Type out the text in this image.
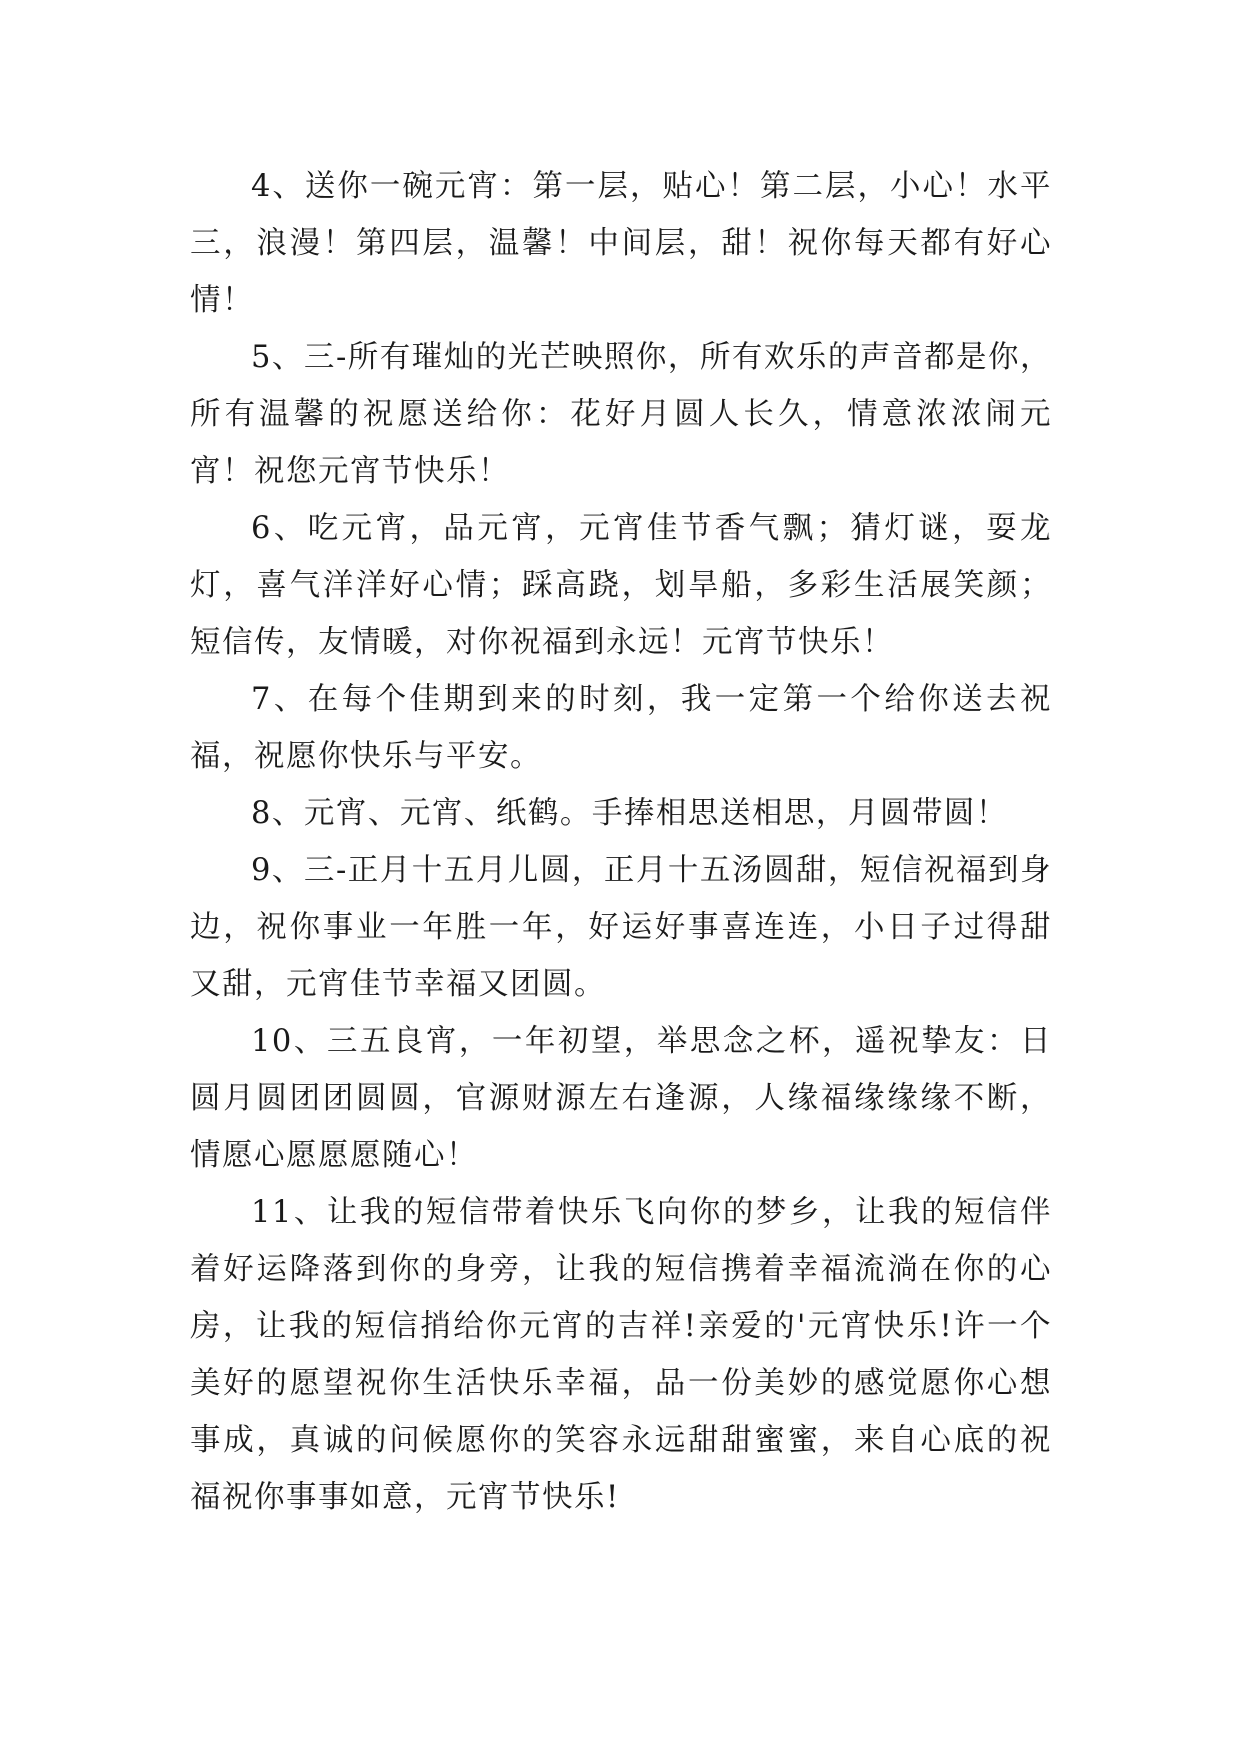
4、送你一碗元宵：第一层，贴心！第二层，小心！水平三，浪漫！第四层，温馨！中间层，甜！祝你每天都有好心情！

5、三-所有璀灿的光芒映照你，所有欢乐的声音都是你，所有温馨的祝愿送给你：花好月圆人长久，情意浓浓闹元宵！祝您元宵节快乐！

6、吃元宵，品元宵，元宵佳节香气飘；猜灯谜，耍龙灯，喜气洋洋好心情；踩高跷，划旱船，多彩生活展笑颜；短信传，友情暖，对你祝福到永远！元宵节快乐！

7、在每个佳期到来的时刻，我一定第一个给你送去祝福，祝愿你快乐与平安。

8、元宵、元宵、纸鹤。手捧相思送相思，月圆带圆！

9、三-正月十五月儿圆，正月十五汤圆甜，短信祝福到身边，祝你事业一年胜一年，好运好事喜连连，小日子过得甜又甜，元宵佳节幸福又团圆。

10、三五良宵，一年初望，举思念之杯，遥祝挚友：日圆月圆团团圆圆，官源财源左右逢源，人缘福缘缘缘不断，情愿心愿愿愿随心！

11、让我的短信带着快乐飞向你的梦乡，让我的短信伴着好运降落到你的身旁，让我的短信携着幸福流淌在你的心房，让我的短信捎给你元宵的吉祥!亲爱的'元宵快乐!许一个美好的愿望祝你生活快乐幸福，品一份美妙的感觉愿你心想事成，真诚的问候愿你的笑容永远甜甜蜜蜜，来自心底的祝福祝你事事如意，元宵节快乐!
